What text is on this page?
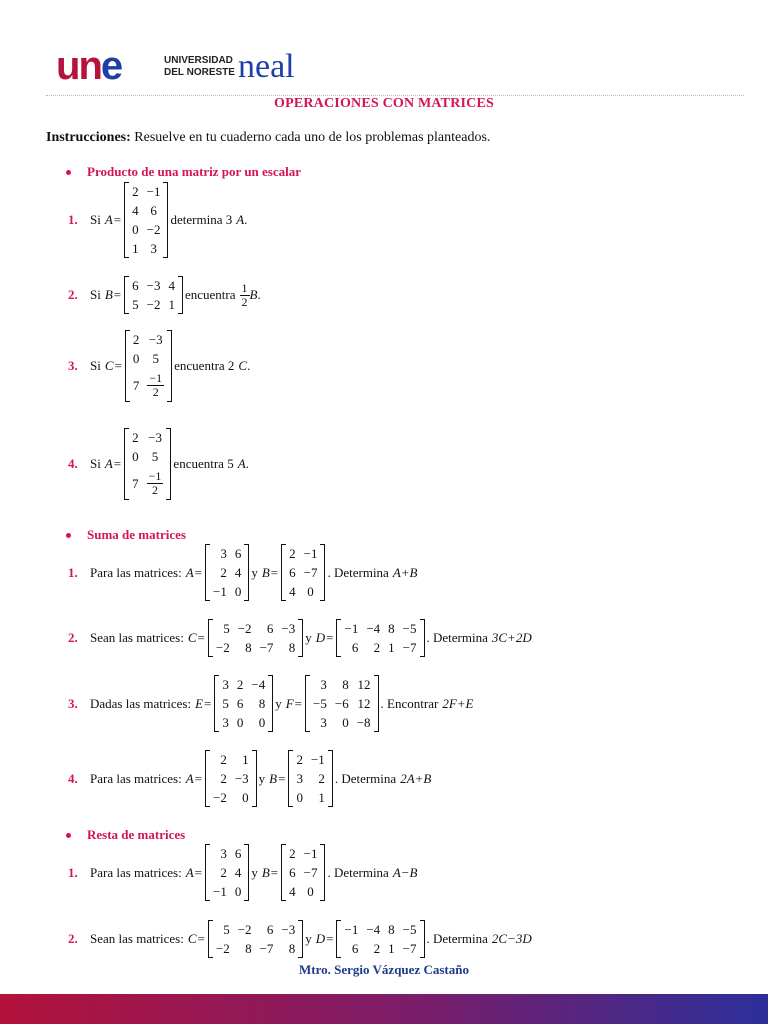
une	UNIVERSIDAD
DEL NORESTE neal
OPERACIONES CON MATRICES
Instrucciones: Resuelve en tu cuaderno cada uno de los problemas planteados.
Producto de una matriz por un escalar
1. Si A =
2	−1
4	6
0	−2
1	3
determina 3 A .
2. Si B =
6	−3	4
5	−2	1
encuentra $\frac{1}{2}$ B .
3. Si C =
2	−3
0	5
7	$\frac{-1}{2}$
encuentra 2 C .
4. Si A =
2	−3
0	5
7	$\frac{-1}{2}$
encuentra 5 A .
Suma de matrices
1. Para las matrices: A =
3	6
2	4
−1	0
y B =
2	−1
6	−7
4	0
. Determina A+B
2. Sean las matrices: C =
5	−2	6	−3
−2	8	−7	8
y D =
−1	−4	8	−5
6	2	1	−7
. Determina 3C+2D
3. Dadas las matrices: E =
3	2	−4
5	6	8
3	0	0
y F =
3	8	12
−5	−6	12
3	0	−8
. Encontrar 2F+E
4. Para las matrices: A =
2	1
2	−3
−2	0
y B =
2	−1
3	2
0	1
. Determina 2A+B
Resta de matrices
1. Para las matrices: A =
3	6
2	4
−1	0
y B =
2	−1
6	−7
4	0
. Determina A−B
2. Sean las matrices: C =
5	−2	6	−3
−2	8	−7	8
y D =
−1	−4	8	−5
6	2	1	−7
. Determina 2C−3D
Mtro. Sergio Vázquez Castaño
